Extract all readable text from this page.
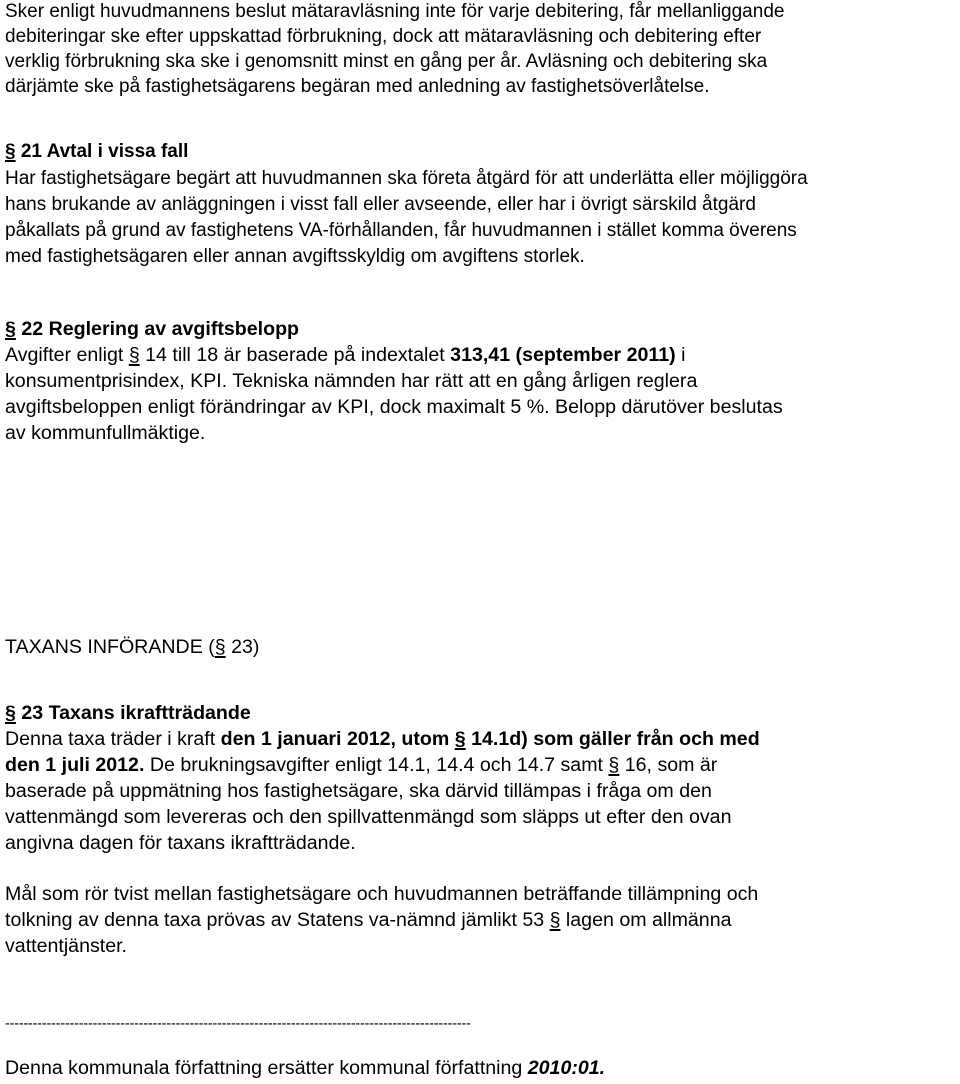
Sker enligt huvudmannens beslut mätaravläsning inte för varje debitering, får mellanliggande
debiteringar ske efter uppskattad förbrukning, dock att mätaravläsning och debitering efter
verklig förbrukning ska ske i genomsnitt minst en gång per år. Avläsning och debitering ska
därjämte ske på fastighetsägarens begäran med anledning av fastighetsöverlåtelse.
§ 21 Avtal i vissa fall
Har fastighetsägare begärt att huvudmannen ska företa åtgärd för att underlätta eller möjliggöra
hans brukande av anläggningen i visst fall eller avseende, eller har i övrigt särskild åtgärd
påkallats på grund av fastighetens VA-förhållanden, får huvudmannen i stället komma överens
med fastighetsägaren eller annan avgiftsskyldig om avgiftens storlek.
§ 22 Reglering av avgiftsbelopp
Avgifter enligt § 14 till 18 är baserade på indextalet 313,41 (september 2011) i
konsumentprisindex, KPI. Tekniska nämnden har rätt att en gång årligen reglera
avgiftsbeloppen enligt förändringar av KPI, dock maximalt 5 %. Belopp därutöver beslutas
av kommunfullmäktige.
TAXANS INFÖRANDE (§ 23)
§ 23 Taxans ikraftträdande
Denna taxa träder i kraft den 1 januari 2012, utom § 14.1d) som gäller från och med
den 1 juli 2012. De brukningsavgifter enligt 14.1, 14.4 och 14.7 samt § 16, som är
baserade på uppmätning hos fastighetsägare, ska därvid tillämpas i fråga om den
vattenmängd som levereras och den spillvattenmängd som släpps ut efter den ovan
angivna dagen för taxans ikraftträdande.
Mål som rör tvist mellan fastighetsägare och huvudmannen beträffande tillämpning och
tolkning av denna taxa prövas av Statens va-nämnd jämlikt 53 § lagen om allmänna
vattentjänster.
-----------------------------------------------------------------------------------------------------
Denna kommunala författning ersätter kommunal författning 2010:01.
